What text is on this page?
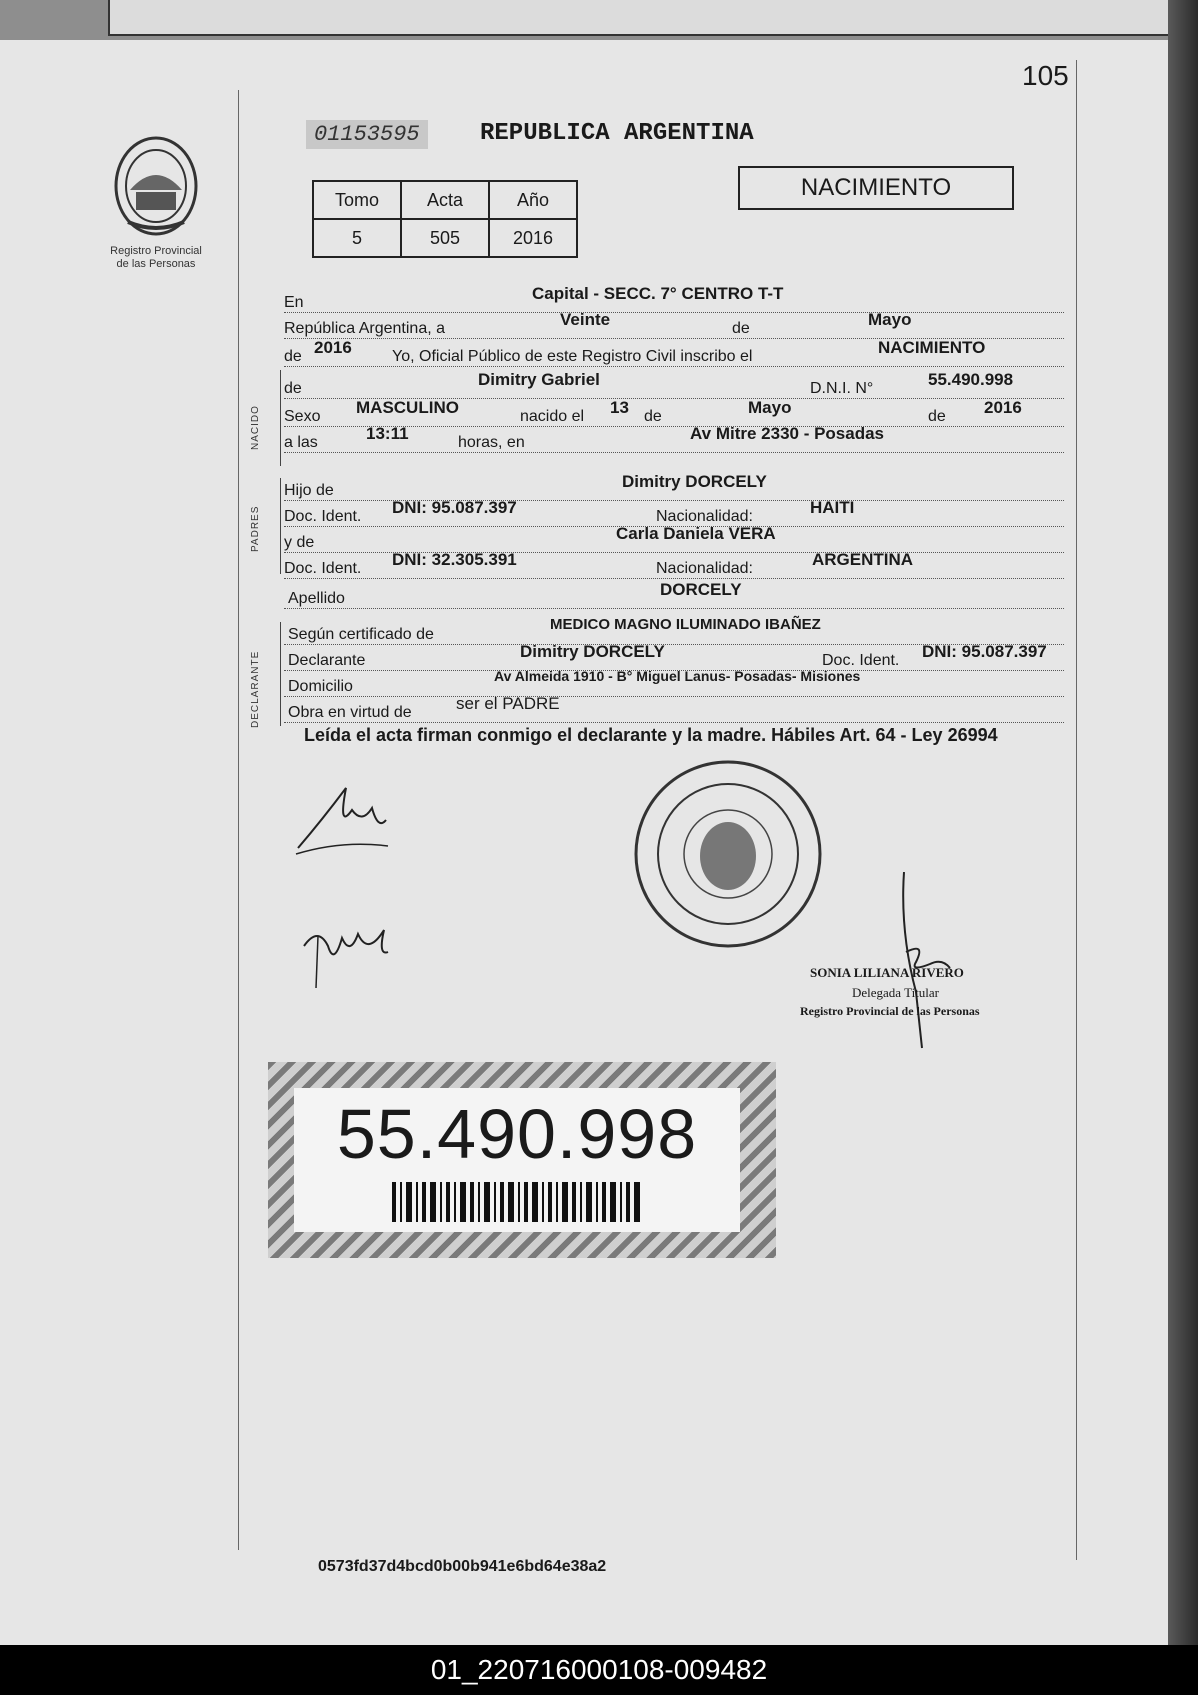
105
Registro Provincial
de las Personas
01153595	REPUBLICA ARGENTINA
Tomo	Acta	Año
5	505	2016
NACIMIENTO
En	Capital - SECC. 7° CENTRO T-T
República Argentina, a	Veinte	de	Mayo
de 2016	Yo, Oficial Público de este Registro Civil inscribo el	NACIMIENTO
NACIDO
de	Dimitry Gabriel	D.N.I. N°	55.490.998
Sexo MASCULINO	nacido el 13 de	Mayo	de 2016
a las	13:11	horas, en	Av Mitre 2330 - Posadas
PADRES
Hijo de	Dimitry DORCELY
Doc. Ident. DNI: 95.087.397	Nacionalidad:	HAITI
y de	Carla Daniela VERA
Doc. Ident. DNI: 32.305.391	Nacionalidad:	ARGENTINA
Apellido	DORCELY
DECLARANTE
Según certificado de
MEDICO MAGNO ILUMINADO IBAÑEZ
Declarante	Dimitry DORCELY	Doc. Ident. DNI: 95.087.397
Domicilio
Av Almeida 1910 - B° Miguel Lanus- Posadas- Misiones
Obra en virtud de	ser el PADRE
Leída el acta firman conmigo el declarante y la madre. Hábiles Art. 64 - Ley 26994
SONIA LILIANA RIVERO
Delegada Titular
Registro Provincial de las Personas
55.490.998
0573fd37d4bcd0b00b941e6bd64e38a2
01_220716000108-009482
